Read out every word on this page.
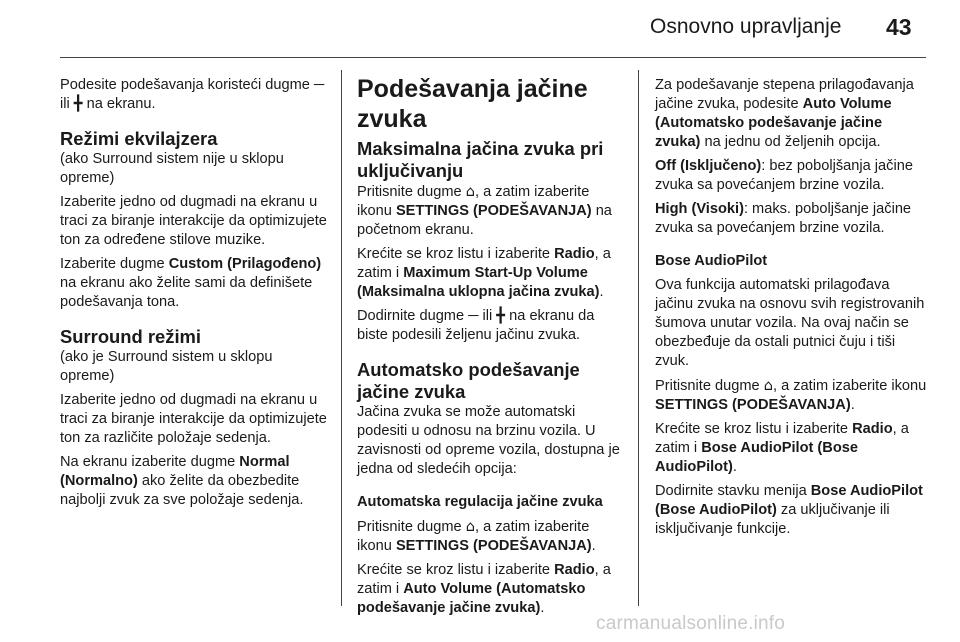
Osnovno upravljanje 43

Podesite podešavanja koristeći dugme ─ ili ╋ na ekranu.

Režimi ekvilajzera

(ako Surround sistem nije u sklopu opreme)

Izaberite jedno od dugmadi na ekranu u traci za biranje interakcije da optimizujete ton za određene stilove muzike.

Izaberite dugme Custom (Prilagođeno) na ekranu ako želite sami da definišete podešavanja tona.

Surround režimi

(ako je Surround sistem u sklopu opreme)

Izaberite jedno od dugmadi na ekranu u traci za biranje interakcije da optimizujete ton za različite položaje sedenja.

Na ekranu izaberite dugme Normal (Normalno) ako želite da obezbedite najbolji zvuk za sve položaje sedenja.

Podešavanja jačine zvuka
Maksimalna jačina zvuka pri uključivanju

Pritisnite dugme ⌂, a zatim izaberite ikonu SETTINGS (PODEŠAVANJA) na početnom ekranu.

Krećite se kroz listu i izaberite Radio, a zatim i Maximum Start-Up Volume (Maksimalna uklopna jačina zvuka).

Dodirnite dugme ─ ili ╋ na ekranu da biste podesili željenu jačinu zvuka.

Automatsko podešavanje jačine zvuka

Jačina zvuka se može automatski podesiti u odnosu na brzinu vozila. U zavisnosti od opreme vozila, dostupna je jedna od sledećih opcija:

Automatska regulacija jačine zvuka

Pritisnite dugme ⌂, a zatim izaberite ikonu SETTINGS (PODEŠAVANJA).

Krećite se kroz listu i izaberite Radio, a zatim i Auto Volume (Automatsko podešavanje jačine zvuka).

Za podešavanje stepena prilagođavanja jačine zvuka, podesite Auto Volume (Automatsko podešavanje jačine zvuka) na jednu od željenih opcija.

Off (Isključeno): bez poboljšanja jačine zvuka sa povećanjem brzine vozila.

High (Visoki): maks. poboljšanje jačine zvuka sa povećanjem brzine vozila.

Bose AudioPilot

Ova funkcija automatski prilagođava jačinu zvuka na osnovu svih registrovanih šumova unutar vozila. Na ovaj način se obezbeđuje da ostali putnici čuju i tiši zvuk.

Pritisnite dugme ⌂, a zatim izaberite ikonu SETTINGS (PODEŠAVANJA).

Krećite se kroz listu i izaberite Radio, a zatim i Bose AudioPilot (Bose AudioPilot).

Dodirnite stavku menija Bose AudioPilot (Bose AudioPilot) za uključivanje ili isključivanje funkcije.

carmanualsonline.info
